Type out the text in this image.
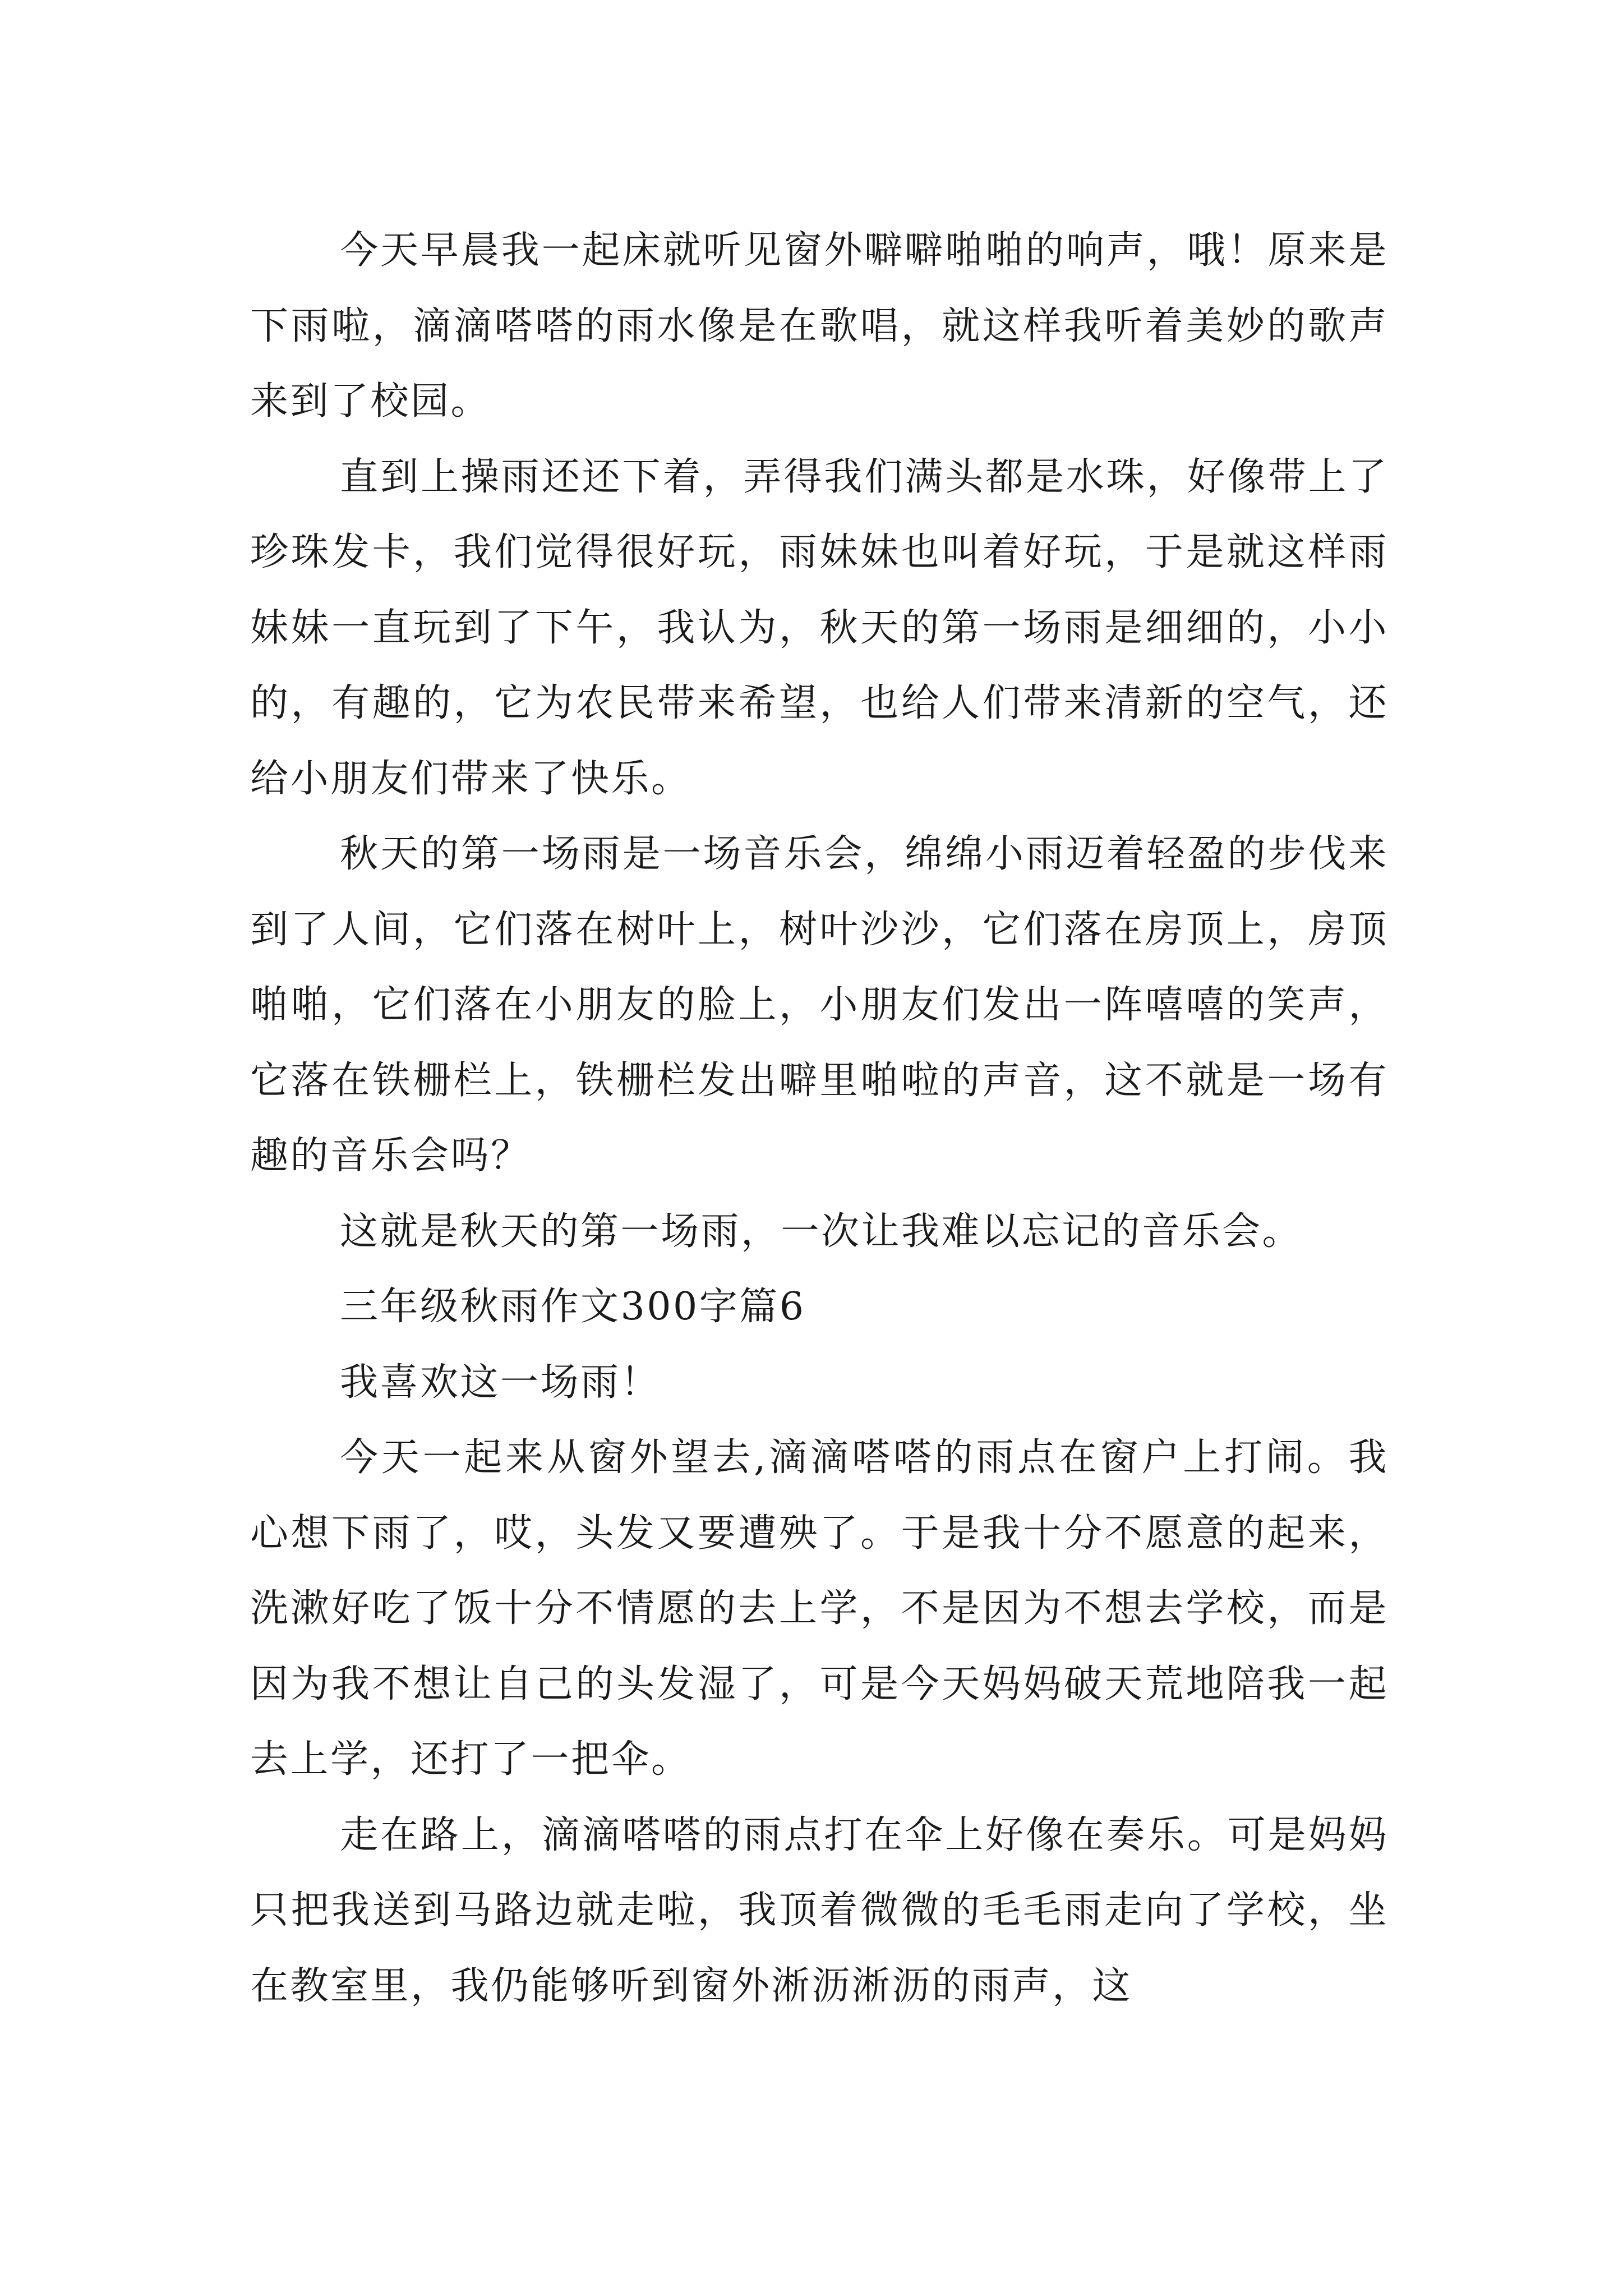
今天早晨我一起床就听见窗外噼噼啪啪的响声，哦！原来是下雨啦，滴滴嗒嗒的雨水像是在歌唱，就这样我听着美妙的歌声来到了校园。

直到上操雨还还下着，弄得我们满头都是水珠，好像带上了珍珠发卡，我们觉得很好玩，雨妹妹也叫着好玩，于是就这样雨妹妹一直玩到了下午，我认为，秋天的第一场雨是细细的，小小的，有趣的，它为农民带来希望，也给人们带来清新的空气，还给小朋友们带来了快乐。

秋天的第一场雨是一场音乐会，绵绵小雨迈着轻盈的步伐来到了人间，它们落在树叶上，树叶沙沙，它们落在房顶上，房顶啪啪，它们落在小朋友的脸上，小朋友们发出一阵嘻嘻的笑声，它落在铁栅栏上，铁栅栏发出噼里啪啦的声音，这不就是一场有趣的音乐会吗？

这就是秋天的第一场雨，一次让我难以忘记的音乐会。

三年级秋雨作文300字篇6

我喜欢这一场雨！

今天一起来从窗外望去,滴滴嗒嗒的雨点在窗户上打闹。我心想下雨了，哎，头发又要遭殃了。于是我十分不愿意的起来，洗漱好吃了饭十分不情愿的去上学，不是因为不想去学校，而是因为我不想让自己的头发湿了，可是今天妈妈破天荒地陪我一起去上学，还打了一把伞。

走在路上，滴滴嗒嗒的雨点打在伞上好像在奏乐。可是妈妈只把我送到马路边就走啦，我顶着微微的毛毛雨走向了学校，坐在教室里，我仍能够听到窗外淅沥淅沥的雨声，这
